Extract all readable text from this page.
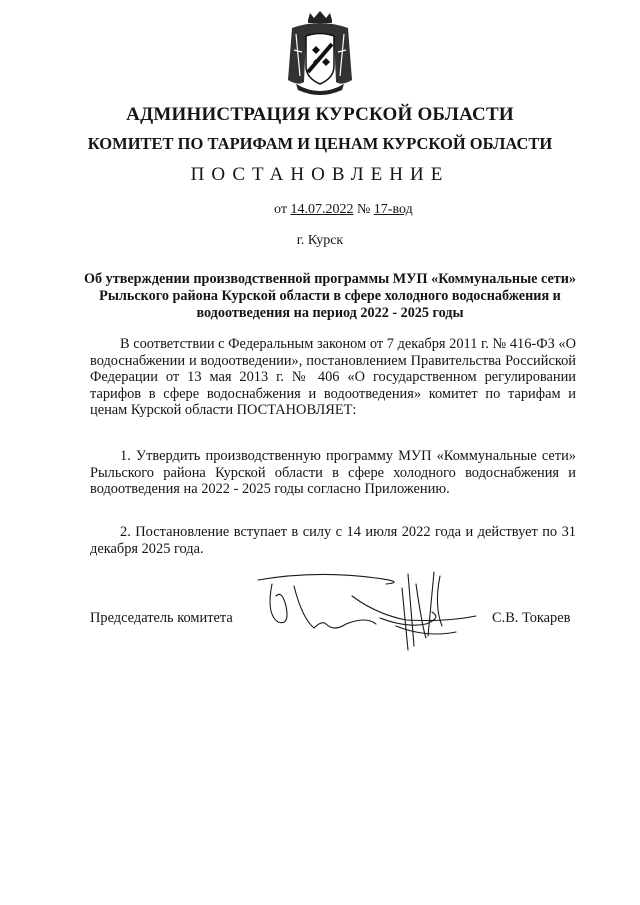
АДМИНИСТРАЦИЯ КУРСКОЙ ОБЛАСТИ
КОМИТЕТ ПО ТАРИФАМ И ЦЕНАМ КУРСКОЙ ОБЛАСТИ
ПОСТАНОВЛЕНИЕ
от 14.07.2022 № 17-вод
г. Курск
Об утверждении производственной программы МУП «Коммунальные сети» Рыльского района Курской области в сфере холодного водоснабжения и водоотведения на период 2022 - 2025 годы
В соответствии с Федеральным законом от 7 декабря 2011 г. № 416-ФЗ «О водоснабжении и водоотведении», постановлением Правительства Российской Федерации от 13 мая 2013 г. № 406 «О государственном регулировании тарифов в сфере водоснабжения и водоотведения» комитет по тарифам и ценам Курской области ПОСТАНОВЛЯЕТ:
1. Утвердить производственную программу МУП «Коммунальные сети» Рыльского района Курской области в сфере холодного водоснабжения и водоотведения на 2022 - 2025 годы согласно Приложению.
2. Постановление вступает в силу с 14 июля 2022 года и действует по 31 декабря 2025 года.
Председатель комитета	С.В. Токарев
